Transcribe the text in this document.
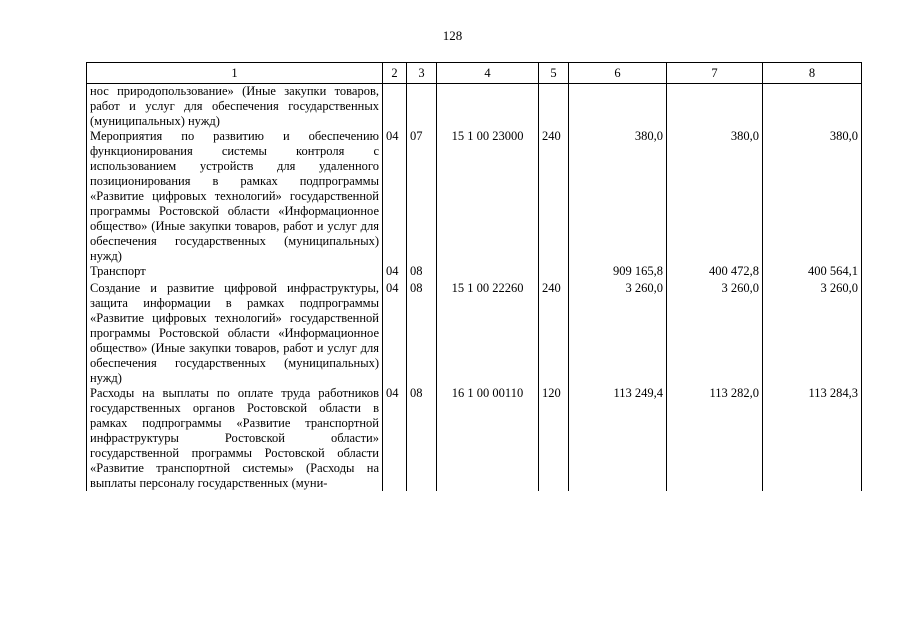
128
1	2	3	4	5	6	7	8
нос природопользование» (Иные закупки товаров, работ и услуг для обеспечения государственных (муниципальных) нужд)							
Мероприятия по развитию и обеспечению функционирования системы контроля с использованием устройств для удаленного позиционирования в рамках подпрограммы «Развитие цифровых технологий» государственной программы Ростовской области «Информационное общество» (Иные закупки товаров, работ и услуг для обеспечения государственных (муниципальных) нужд)	04	07	15 1 00 23000	240	380,0	380,0	380,0
Транспорт	04	08			909 165,8	400 472,8	400 564,1
Создание и развитие цифровой инфраструктуры, защита информации в рамках подпрограммы «Развитие цифровых технологий» государственной программы Ростовской области «Информационное общество» (Иные закупки товаров, работ и услуг для обеспечения государственных (муниципальных) нужд)	04	08	15 1 00 22260	240	3 260,0	3 260,0	3 260,0
Расходы на выплаты по оплате труда работников государственных органов Ростовской области в рамках подпрограммы «Развитие транспортной инфраструктуры Ростовской области» государственной программы Ростовской области «Развитие транспортной системы» (Расходы на выплаты персоналу государственных (муни-	04	08	16 1 00 00110	120	113 249,4	113 282,0	113 284,3
